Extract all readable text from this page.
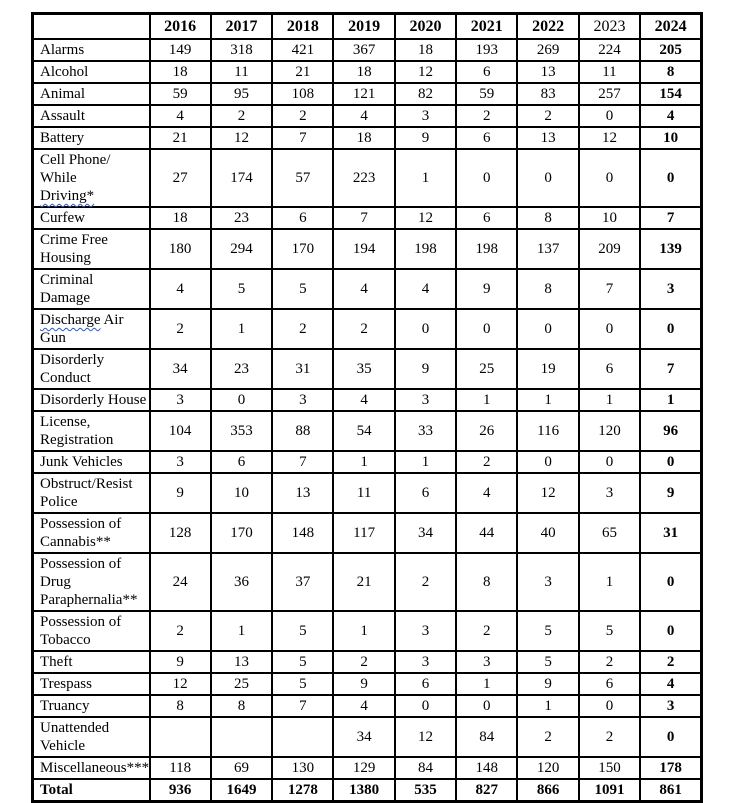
	2016	2017	2018	2019	2020	2021	2022	2023	2024
Alarms	149	318	421	367	18	193	269	224	205
Alcohol	18	11	21	18	12	6	13	11	8
Animal	59	95	108	121	82	59	83	257	154
Assault	4	2	2	4	3	2	2	0	4
Battery	21	12	7	18	9	6	13	12	10
Cell Phone/ While
Driving*	27	174	57	223	1	0	0	0	0
Curfew	18	23	6	7	12	6	8	10	7
Crime Free Housing	180	294	170	194	198	198	137	209	139
Criminal Damage	4	5	5	4	4	9	8	7	3
Discharge Air Gun	2	1	2	2	0	0	0	0	0
Disorderly Conduct	34	23	31	35	9	25	19	6	7
Disorderly House	3	0	3	4	3	1	1	1	1
License, Registration	104	353	88	54	33	26	116	120	96
Junk Vehicles	3	6	7	1	1	2	0	0	0
Obstruct/Resist
Police	9	10	13	11	6	4	12	3	9
Possession of
Cannabis**	128	170	148	117	34	44	40	65	31
Possession of Drug
Paraphernalia**	24	36	37	21	2	8	3	1	0
Possession of
Tobacco	2	1	5	1	3	2	5	5	0
Theft	9	13	5	2	3	3	5	2	2
Trespass	12	25	5	9	6	1	9	6	4
Truancy	8	8	7	4	0	0	1	0	3
Unattended Vehicle				34	12	84	2	2	0
Miscellaneous***	118	69	130	129	84	148	120	150	178
Total	936	1649	1278	1380	535	827	866	1091	861
